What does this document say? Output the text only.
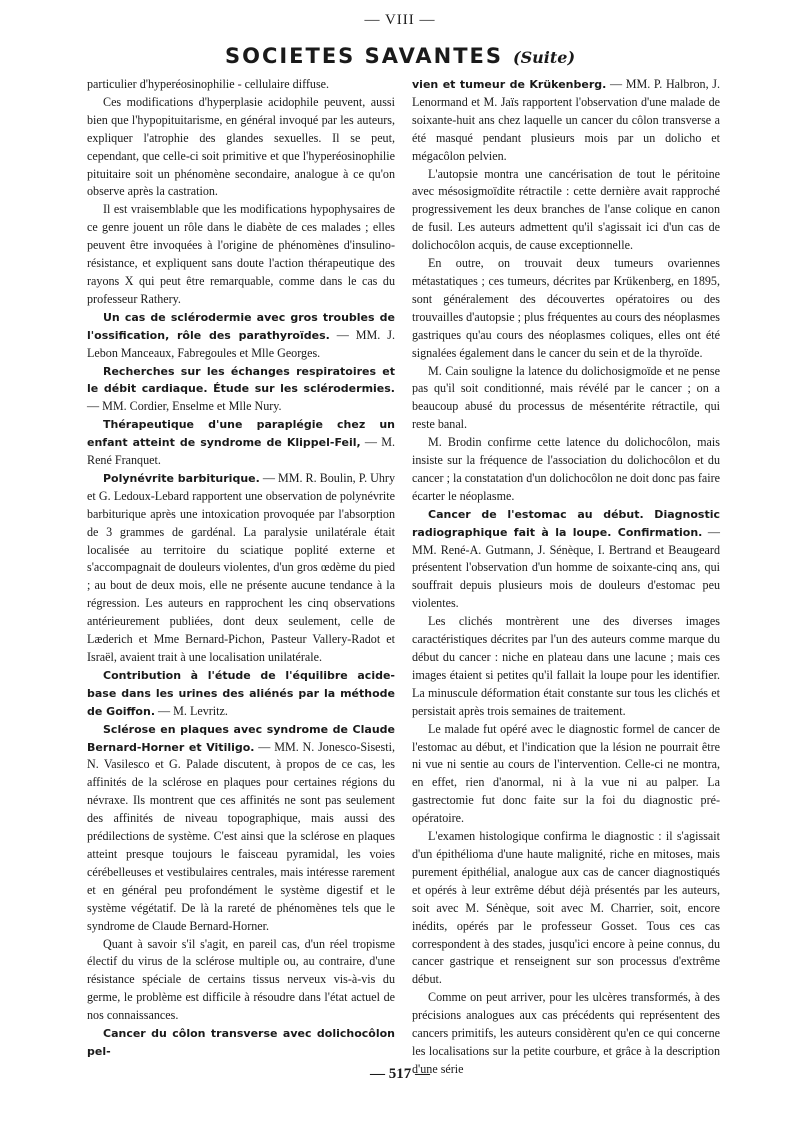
— VIII —
SOCIETES SAVANTES (Suite)

particulier d'hyperéosinophilie - cellulaire diffuse.

Ces modifications d'hyperplasie acidophile peuvent, aussi bien que l'hypopituitarisme, en général invoqué par les auteurs, expliquer l'atrophie des glandes sexuelles. Il se peut, cependant, que celle-ci soit primitive et que l'hyperéosinophilie pituitaire soit un phénomène secondaire, analogue à ce qu'on observe après la castration.

Il est vraisemblable que les modifications hypophysaires de ce genre jouent un rôle dans le diabète de ces malades ; elles peuvent être invoquées à l'origine de phénomènes d'insulino-résistance, et expliquent sans doute l'action thérapeutique des rayons X qui peut être remarquable, comme dans le cas du professeur Rathery.

Un cas de sclérodermie avec gros troubles de l'ossification, rôle des parathyroïdes. — MM. J. Lebon Manceaux, Fabregoules et Mlle Georges.

Recherches sur les échanges respiratoires et le débit cardiaque. Étude sur les sclérodermies. — MM. Cordier, Enselme et Mlle Nury.

Thérapeutique d'une paraplégie chez un enfant atteint de syndrome de Klippel-Feil, — M. René Franquet.

Polynévrite barbiturique. — MM. R. Boulin, P. Uhry et G. Ledoux-Lebard rapportent une observation de polynévrite barbiturique après une intoxication provoquée par l'absorption de 3 grammes de gardénal. La paralysie unilatérale était localisée au territoire du sciatique poplité externe et s'accompagnait de douleurs violentes, d'un gros œdème du pied ; au bout de deux mois, elle ne présente aucune tendance à la régression. Les auteurs en rapprochent les cinq observations antérieurement publiées, dont deux seulement, celle de Læderich et Mme Bernard-Pichon, Pasteur Vallery-Radot et Israël, avaient trait à une localisation unilatérale.

Contribution à l'étude de l'équilibre acide-base dans les urines des aliénés par la méthode de Goiffon. — M. Levritz.

Sclérose en plaques avec syndrome de Claude Bernard-Horner et Vitiligo. — MM. N. Jonesco-Sisesti, N. Vasilesco et G. Palade discutent, à propos de ce cas, les affinités de la sclérose en plaques pour certaines régions du névraxe. Ils montrent que ces affinités ne sont pas seulement des affinités de niveau topographique, mais aussi des prédilections de système. C'est ainsi que la sclérose en plaques atteint presque toujours le faisceau pyramidal, les voies cérébelleuses et vestibulaires centrales, mais intéresse rarement et en général peu profondément le système digestif et le système végétatif. De là la rareté de phénomènes tels que le syndrome de Claude Bernard-Horner.

Quant à savoir s'il s'agit, en pareil cas, d'un réel tropisme électif du virus de la sclérose multiple ou, au contraire, d'une résistance spéciale de certains tissus nerveux vis-à-vis du germe, le problème est difficile à résoudre dans l'état actuel de nos connaissances.

Cancer du côlon transverse avec dolichocôlon pel-

vien et tumeur de Krükenberg. — MM. P. Halbron, J. Lenormand et M. Jaïs rapportent l'observation d'une malade de soixante-huit ans chez laquelle un cancer du côlon transverse a été masqué pendant plusieurs mois par un dolicho et mégacôlon pelvien.

L'autopsie montra une cancérisation de tout le péritoine avec mésosigmoïdite rétractile : cette dernière avait rapproché progressivement les deux branches de l'anse colique en canon de fusil. Les auteurs admettent qu'il s'agissait ici d'un cas de dolichocôlon acquis, de cause exceptionnelle.

En outre, on trouvait deux tumeurs ovariennes métastatiques ; ces tumeurs, décrites par Krükenberg, en 1895, sont généralement des découvertes opératoires ou des trouvailles d'autopsie ; plus fréquentes au cours des néoplasmes gastriques qu'au cours des néoplasmes coliques, elles ont été signalées également dans le cancer du sein et de la thyroïde.

M. Cain souligne la latence du dolichosigmoïde et ne pense pas qu'il soit conditionné, mais révélé par le cancer ; on a beaucoup abusé du processus de mésentérite rétractile, qui reste banal.

M. Brodin confirme cette latence du dolichocôlon, mais insiste sur la fréquence de l'association du dolichocôlon et du cancer ; la constatation d'un dolichocôlon ne doit donc pas faire écarter le néoplasme.

Cancer de l'estomac au début. Diagnostic radiographique fait à la loupe. Confirmation. — MM. René-A. Gutmann, J. Sénèque, I. Bertrand et Beaugeard présentent l'observation d'un homme de soixante-cinq ans, qui souffrait depuis plusieurs mois de douleurs d'estomac peu violentes.

Les clichés montrèrent une des diverses images caractéristiques décrites par l'un des auteurs comme marque du début du cancer : niche en plateau dans une lacune ; mais ces images étaient si petites qu'il fallait la loupe pour les identifier. La minuscule déformation était constante sur tous les clichés et persistait après trois semaines de traitement.

Le malade fut opéré avec le diagnostic formel de cancer de l'estomac au début, et l'indication que la lésion ne pourrait être ni vue ni sentie au cours de l'intervention. Celle-ci ne montra, en effet, rien d'anormal, ni à la vue ni au palper. La gastrectomie fut donc faite sur la foi du diagnostic pré-opératoire.

L'examen histologique confirma le diagnostic : il s'agissait d'un épithélioma d'une haute malignité, riche en mitoses, mais purement épithélial, analogue aux cas de cancer diagnostiqués et opérés à leur extrême début déjà présentés par les auteurs, soit avec M. Sénèque, soit avec M. Charrier, soit, encore inédits, opérés par le professeur Gosset. Tous ces cas correspondent à des stades, jusqu'ici encore à peine connus, du cancer gastrique et renseignent sur son processus d'extrême début.

Comme on peut arriver, pour les ulcères transformés, à des précisions analogues aux cas précédents qui représentent des cancers primitifs, les auteurs considèrent qu'en ce qui concerne les localisations sur la petite courbure, et grâce à la description d'une série

— 517 —
